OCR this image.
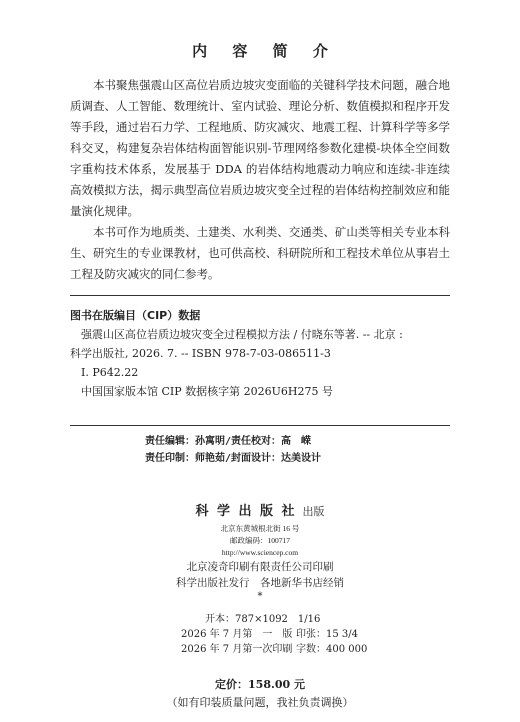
内 容 简 介

本书聚焦强震山区高位岩质边坡灾变面临的关键科学技术问题，融合地质调查、人工智能、数理统计、室内试验、理论分析、数值模拟和程序开发等手段，通过岩石力学、工程地质、防灾减灾、地震工程、计算科学等多学科交叉，构建复杂岩体结构面智能识别-节理网络参数化建模-块体全空间数字重构技术体系，发展基于 DDA 的岩体结构地震动力响应和连续-非连续高效模拟方法，揭示典型高位岩质边坡灾变全过程的岩体结构控制效应和能量演化规律。

本书可作为地质类、土建类、水利类、交通类、矿山类等相关专业本科生、研究生的专业课教材，也可供高校、科研院所和工程技术单位从事岩土工程及防灾减灾的同仁参考。

图书在版编目（CIP）数据
强震山区高位岩质边坡灾变全过程模拟方法 / 付晓东等著. -- 北京 :
科学出版社, 2026. 7. -- ISBN 978-7-03-086511-3
I. P642.22
中国国家版本馆 CIP 数据核字第 2026U6H275 号
责任编辑：孙寓明/责任校对：高　嵘
责任印制：师艳茹/封面设计：达美设计
科 学 出 版 社 出版
北京东黄城根北街 16 号
邮政编码：100717
http://www.sciencep.com
北京凌奇印刷有限责任公司印刷
科学出版社发行　各地新华书店经销
*
开本：787×1092　1/16
2026 年 7 月第　一　版 印张：15 3/4
2026 年 7 月第一次印刷 字数：400 000
定价：158.00 元
（如有印装质量问题，我社负责调换）
